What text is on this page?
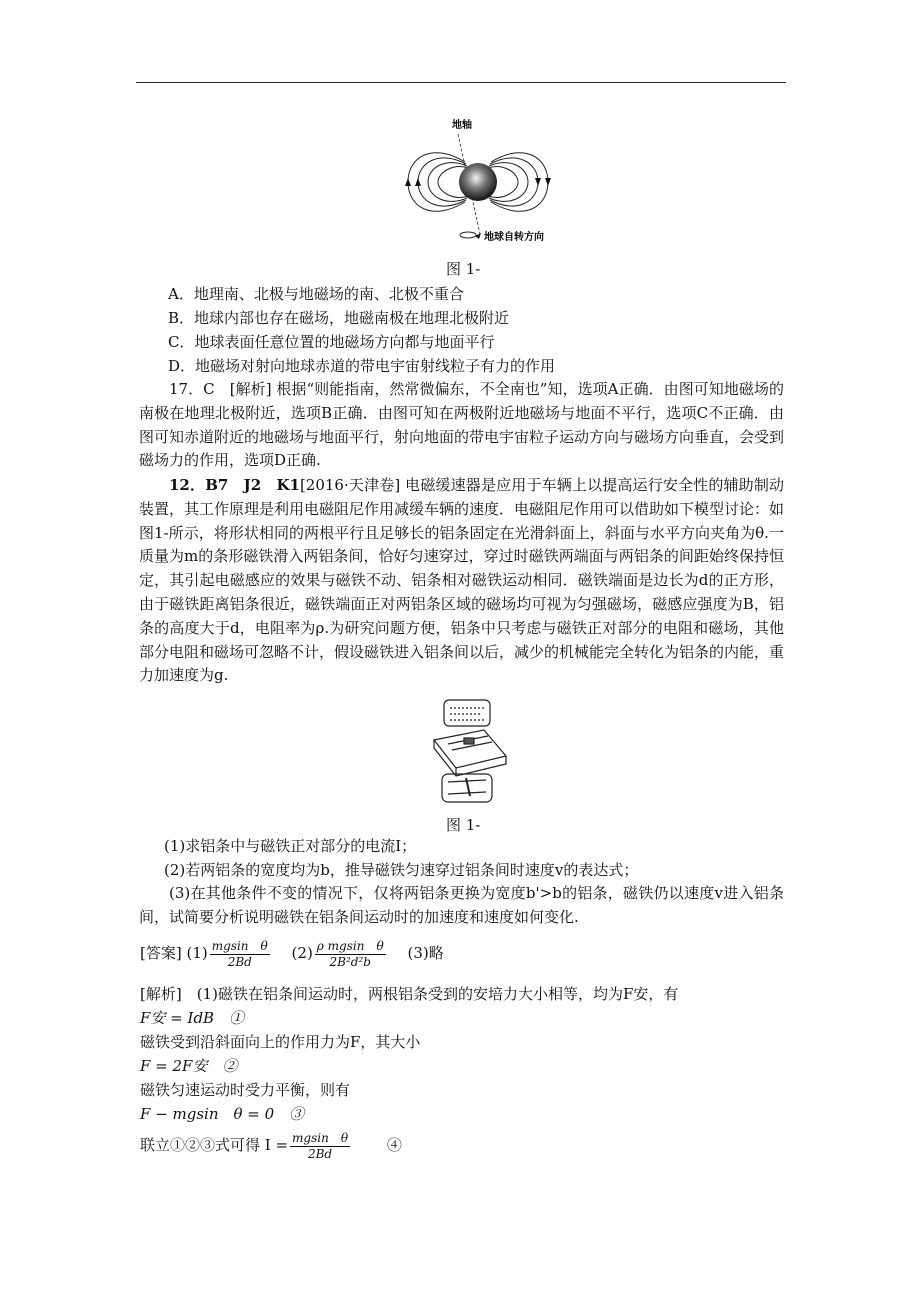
地轴
地球自转方向
图 1-
A．地理南、北极与地磁场的南、北极不重合
B．地球内部也存在磁场，地磁南极在地理北极附近
C．地球表面任意位置的地磁场方向都与地面平行
D．地磁场对射向地球赤道的带电宇宙射线粒子有力的作用
17．C　[解析] 根据“则能指南，然常微偏东，不全南也”知，选项A正确．由图可知地磁场的南极在地理北极附近，选项B正确．由图可知在两极附近地磁场与地面不平行，选项C不正确．由图可知赤道附近的地磁场与地面平行，射向地面的带电宇宙粒子运动方向与磁场方向垂直，会受到磁场力的作用，选项D正确.
12．B7　J2　K1[2016·天津卷] 电磁缓速器是应用于车辆上以提高运行安全性的辅助制动装置，其工作原理是利用电磁阻尼作用减缓车辆的速度．电磁阻尼作用可以借助如下模型讨论：如图1-所示，将形状相同的两根平行且足够长的铝条固定在光滑斜面上，斜面与水平方向夹角为θ.一质量为m的条形磁铁滑入两铝条间，恰好匀速穿过，穿过时磁铁两端面与两铝条的间距始终保持恒定，其引起电磁感应的效果与磁铁不动、铝条相对磁铁运动相同．磁铁端面是边长为d的正方形，由于磁铁距离铝条很近，磁铁端面正对两铝条区域的磁场均可视为匀强磁场，磁感应强度为B，铝条的高度大于d，电阻率为ρ.为研究问题方便，铝条中只考虑与磁铁正对部分的电阻和磁场，其他部分电阻和磁场可忽略不计，假设磁铁进入铝条间以后，减少的机械能完全转化为铝条的内能，重力加速度为g.
图 1-
(1)求铝条中与磁铁正对部分的电流I；
(2)若两铝条的宽度均为b，推导磁铁匀速穿过铝条间时速度v的表达式；
(3)在其他条件不变的情况下，仅将两铝条更换为宽度b'>b的铝条，磁铁仍以速度v进入铝条间，试简要分析说明磁铁在铝条间运动时的加速度和速度如何变化.
[答案] $(1) \frac{\text{mgsin　θ}}{2Bd}$
　 $(2) \frac{\text{ρ mgsin　θ}}{\text{2B²d²b}}$
　 (3)略
[解析]　(1)磁铁在铝条间运动时，两根铝条受到的安培力大小相等，均为F安，有
F安 = IdB　①
磁铁受到沿斜面向上的作用力为F，其大小
F = 2F安　②
磁铁匀速运动时受力平衡，则有
F − mgsin　θ = 0　③
联立①②③式可得 $I = \frac{\text{mgsin　θ}}{2Bd}$
　　 ④
